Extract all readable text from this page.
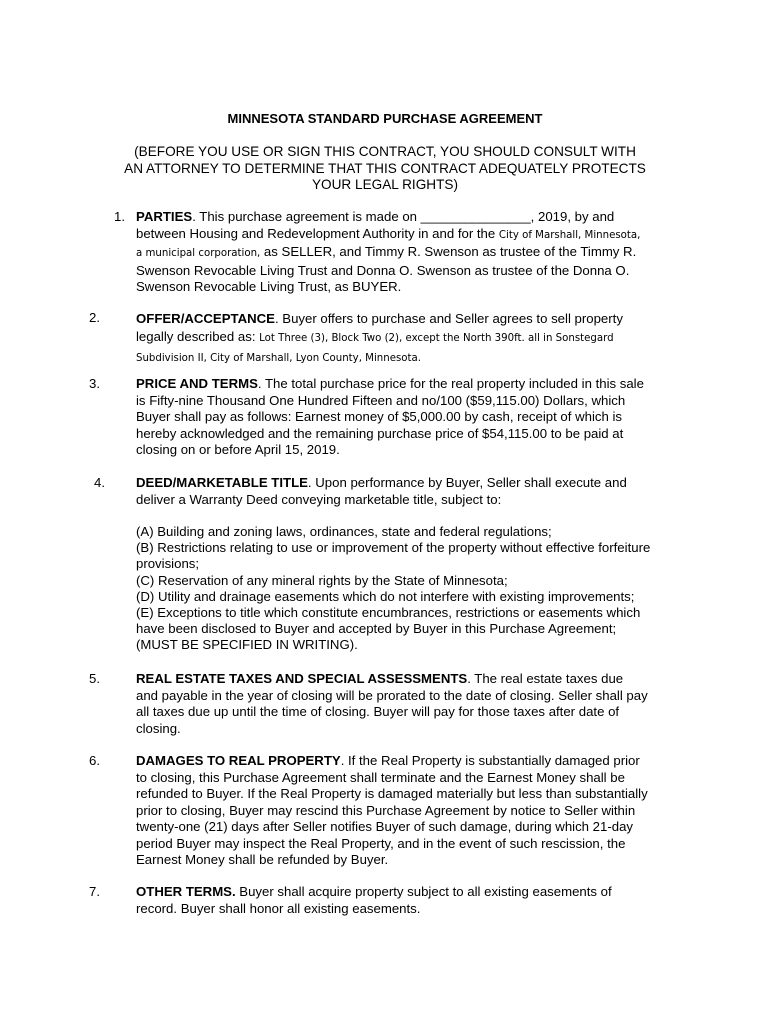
MINNESOTA STANDARD PURCHASE AGREEMENT
(BEFORE YOU USE OR SIGN THIS CONTRACT, YOU SHOULD CONSULT WITH
AN ATTORNEY TO DETERMINE THAT THIS CONTRACT ADEQUATELY PROTECTS
YOUR LEGAL RIGHTS)
1. PARTIES. This purchase agreement is made on _______________, 2019, by and
between Housing and Redevelopment Authority in and for the City of Marshall, Minnesota,
a municipal corporation, as SELLER, and Timmy R. Swenson as trustee of the Timmy R.
Swenson Revocable Living Trust and Donna O. Swenson as trustee of the Donna O.
Swenson Revocable Living Trust, as BUYER.
2.	OFFER/ACCEPTANCE. Buyer offers to purchase and Seller agrees to sell property
legally described as: Lot Three (3), Block Two (2), except the North 390ft. all in Sonstegard
Subdivision II, City of Marshall, Lyon County, Minnesota.
3.	PRICE AND TERMS. The total purchase price for the real property included in this sale
is Fifty-nine Thousand One Hundred Fifteen and no/100 ($59,115.00) Dollars, which
Buyer shall pay as follows: Earnest money of $5,000.00 by cash, receipt of which is
hereby acknowledged and the remaining purchase price of $54,115.00 to be paid at
closing on or before April 15, 2019.
4. DEED/MARKETABLE TITLE. Upon performance by Buyer, Seller shall execute and
deliver a Warranty Deed conveying marketable title, subject to:
(A) Building and zoning laws, ordinances, state and federal regulations;
(B) Restrictions relating to use or improvement of the property without effective forfeiture
provisions;
(C) Reservation of any mineral rights by the State of Minnesota;
(D) Utility and drainage easements which do not interfere with existing improvements;
(E) Exceptions to title which constitute encumbrances, restrictions or easements which
have been disclosed to Buyer and accepted by Buyer in this Purchase Agreement;
(MUST BE SPECIFIED IN WRITING).
5.	REAL ESTATE TAXES AND SPECIAL ASSESSMENTS. The real estate taxes due
and payable in the year of closing will be prorated to the date of closing. Seller shall pay
all taxes due up until the time of closing. Buyer will pay for those taxes after date of
closing.
6.	DAMAGES TO REAL PROPERTY. If the Real Property is substantially damaged prior
to closing, this Purchase Agreement shall terminate and the Earnest Money shall be
refunded to Buyer. If the Real Property is damaged materially but less than substantially
prior to closing, Buyer may rescind this Purchase Agreement by notice to Seller within
twenty-one (21) days after Seller notifies Buyer of such damage, during which 21-day
period Buyer may inspect the Real Property, and in the event of such rescission, the
Earnest Money shall be refunded by Buyer.
7.	OTHER TERMS. Buyer shall acquire property subject to all existing easements of
record. Buyer shall honor all existing easements.
